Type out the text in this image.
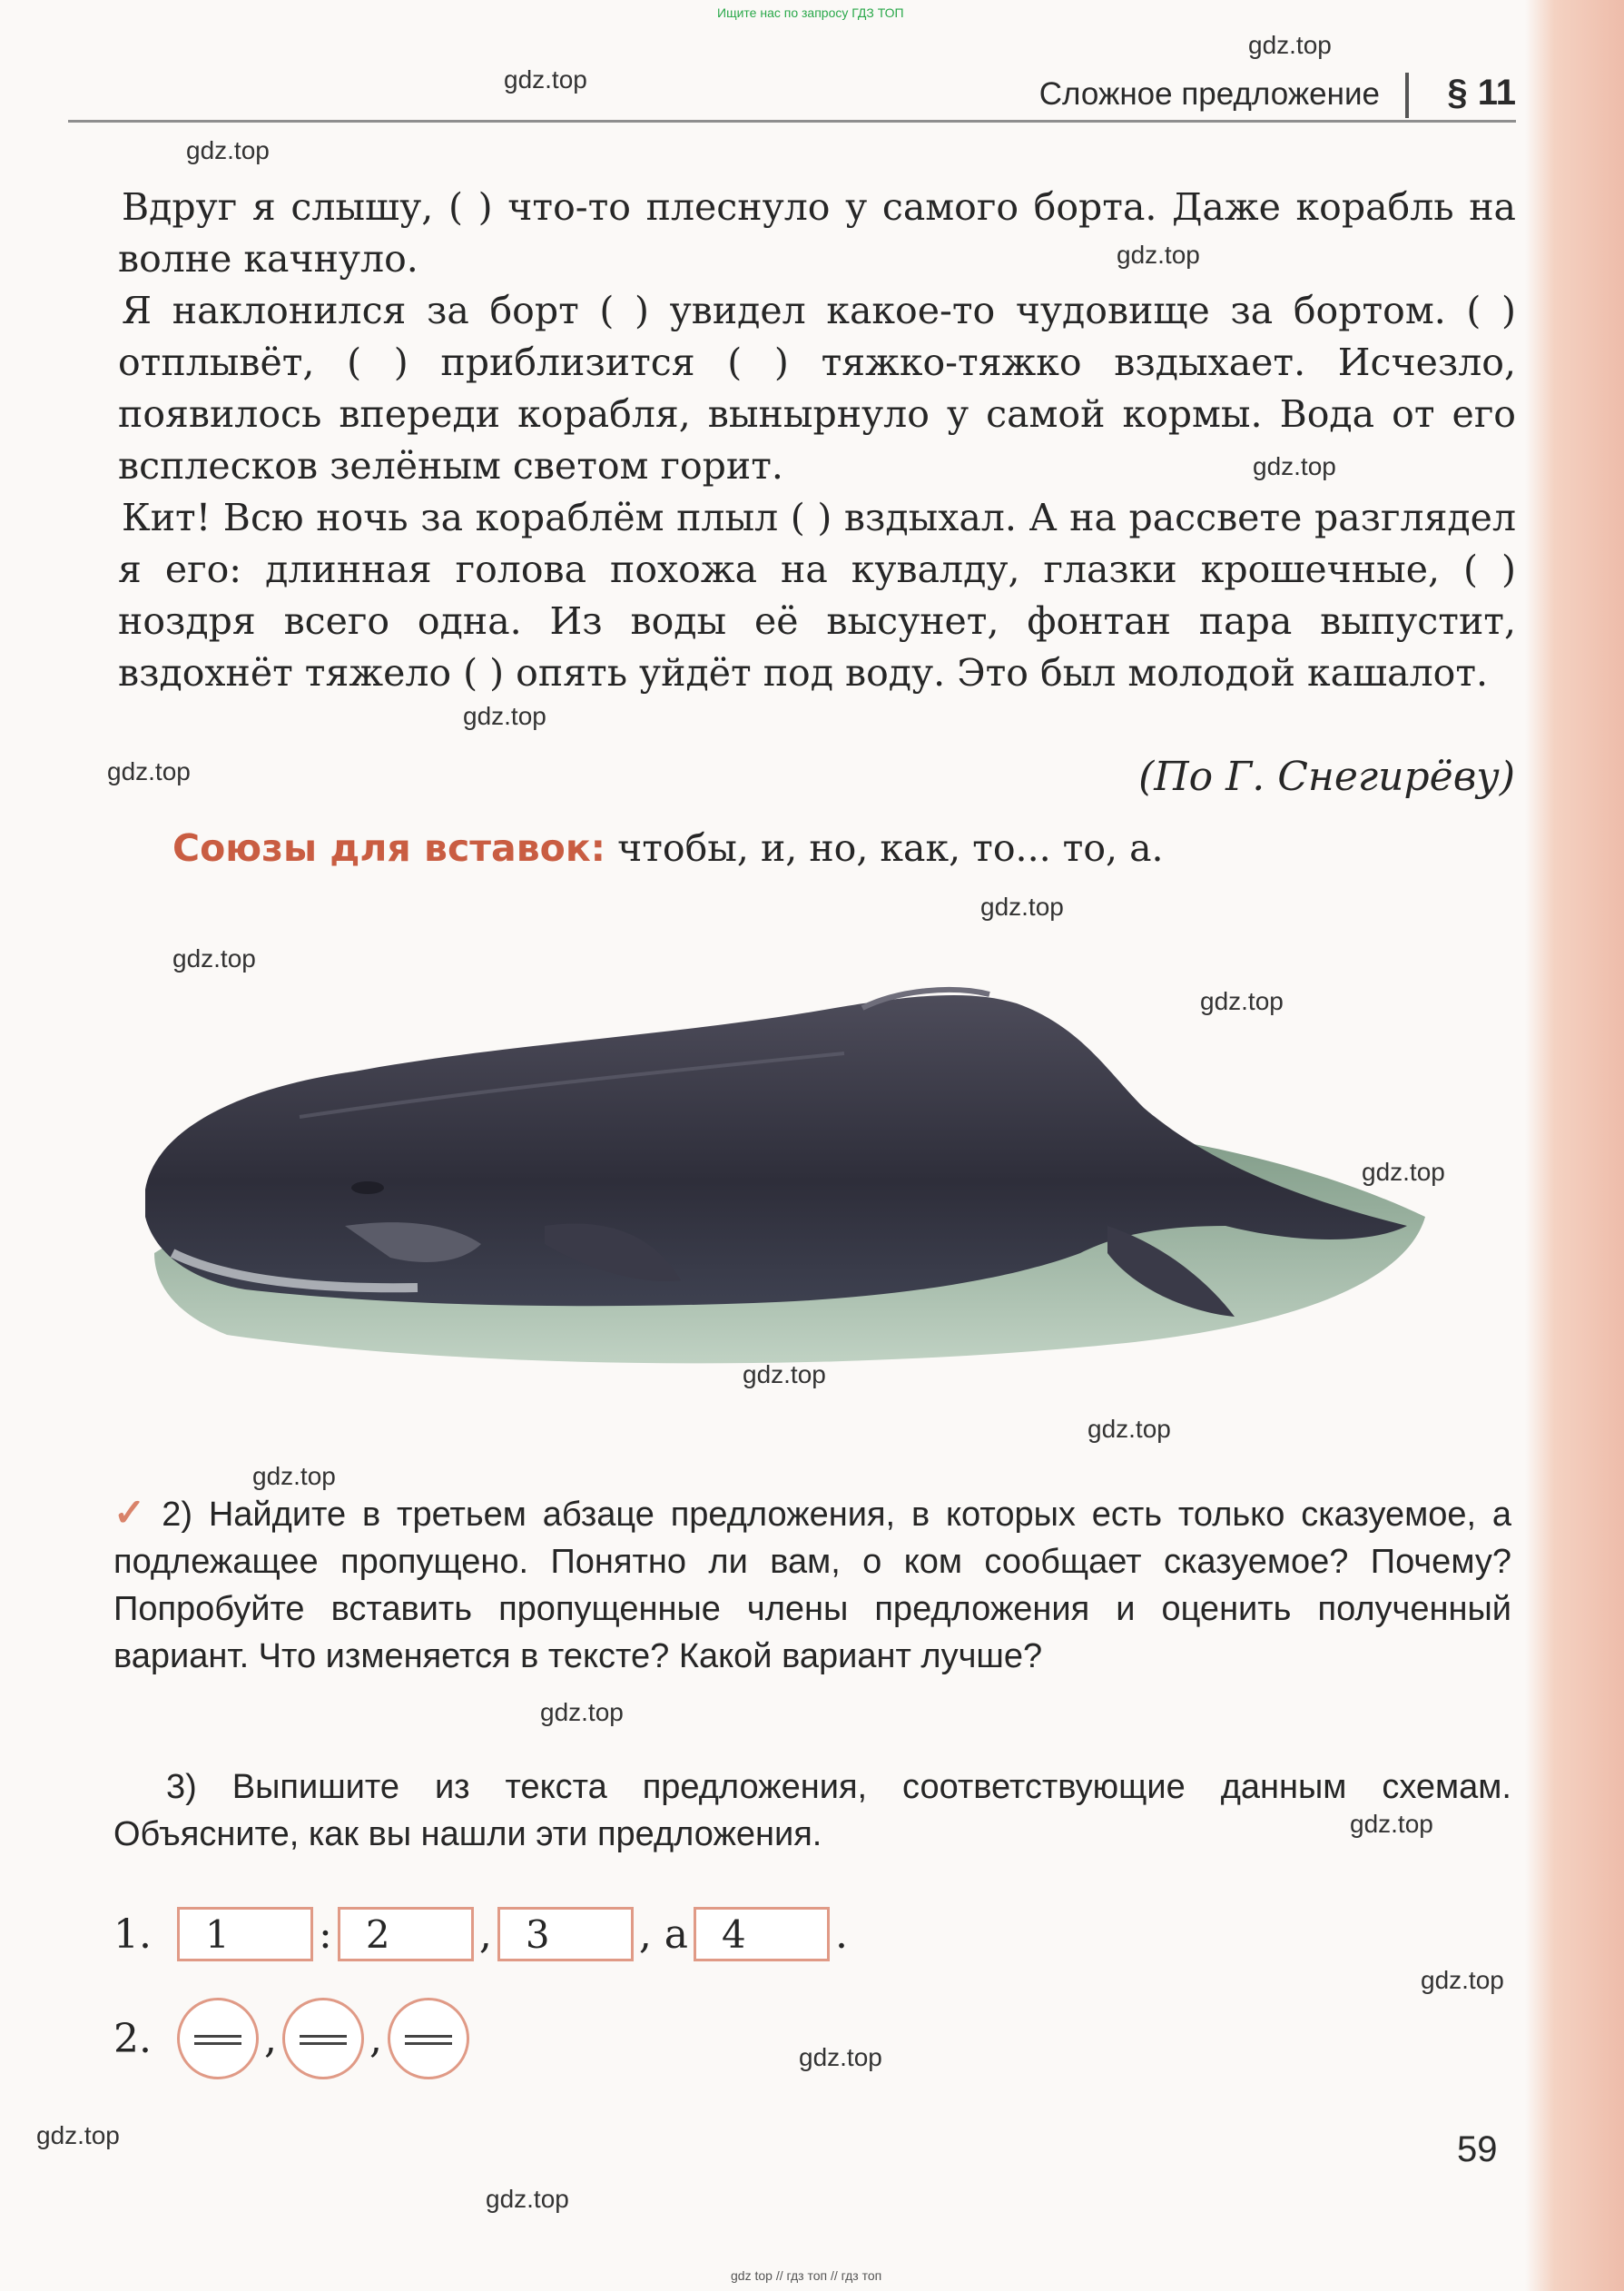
Ищите нас по запросу ГДЗ ТОП
Сложное предложение § 11

Вдруг я слышу, ( ) что-то плеснуло у самого борта. Даже корабль на волне качнуло.

Я наклонился за борт ( ) увидел какое-то чудовище за бортом. ( ) отплывёт, ( ) приблизится ( ) тяжко-тяжко вздыхает. Исчезло, появилось впереди корабля, вынырнуло у самой кормы. Вода от его всплесков зелёным светом горит.

Кит! Всю ночь за кораблём плыл ( ) вздыхал. А на рассвете разглядел я его: длинная голова похожа на кувалду, глазки крошечные, ( ) ноздря всего одна. Из воды её высунет, фонтан пара выпустит, вздохнёт тяжело ( ) опять уйдёт под воду. Это был молодой кашалот.

(По Г. Снегирёву)
Союзы для вставок: чтобы, и, но, как, то... то, а.
✓ 2) Найдите в третьем абзаце предложения, в которых есть только сказуемое, а подлежащее пропущено. Понятно ли вам, о ком сообщает сказуемое? Почему? Попробуйте вставить пропущенные члены предложения и оценить полученный вариант. Что изменяется в тексте? Какой вариант лучше?
3) Выпишите из текста предложения, соответствующие данным схемам. Объясните, как вы нашли эти предложения.
1.	1	: 2	, 3	, а 4	.
2.	, ,
59
gdz.top
gdz.top
gdz.top
gdz.top
gdz.top
gdz.top
gdz.top
gdz.top
gdz.top
gdz.top
gdz.top
gdz.top
gdz.top
gdz.top
gdz.top
gdz.top
gdz.top
gdz.top
gdz.top
gdz.top
gdz top // гдз топ // гдз топ
